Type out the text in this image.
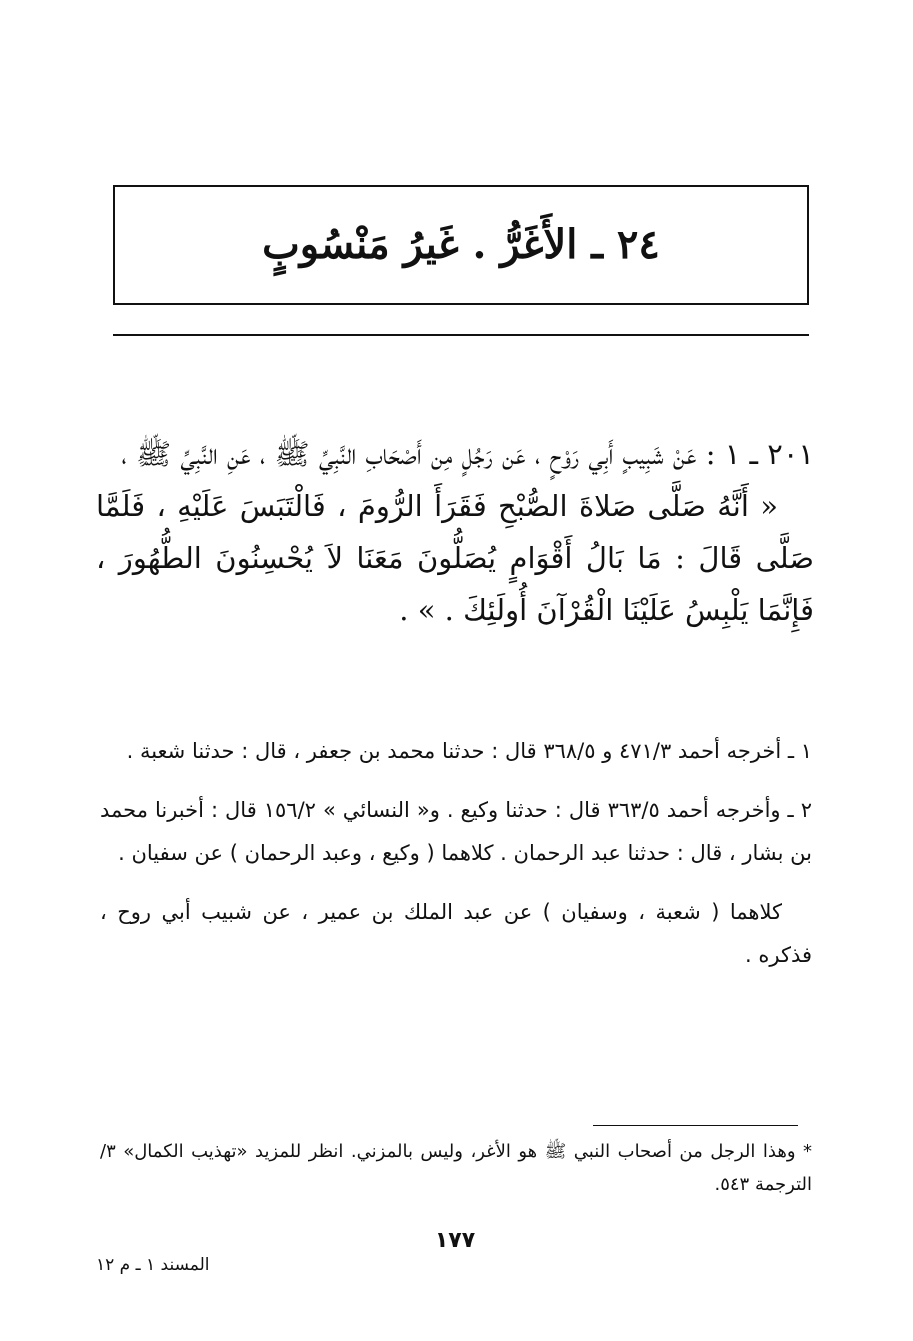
٢٤ ـ الأَغَرُّ . غَيرُ مَنْسُوبٍ

٢٠١ ـ ١ : عَنْ شَبِيبٍ أَبِي رَوْحٍ ، عَن رَجُلٍ مِن أَصْحَابِ النَّبِيِّ ﷺ ، عَنِ النَّبِيِّ ﷺ ،

« أَنَّهُ صَلَّى صَلاةَ الصُّبْحِ فَقَرَأَ الرُّومَ ، فَالْتَبَسَ عَلَيْهِ ، فَلَمَّا صَلَّى قَالَ : مَا بَالُ أَقْوَامٍ يُصَلُّونَ مَعَنَا لاَ يُحْسِنُونَ الطُّهُورَ ، فَإِنَّمَا يَلْبِسُ عَلَيْنَا الْقُرْآنَ أُولَئِكَ . » .

١ ـ أخرجه أحمد ٤٧١/٣ و ٣٦٨/٥ قال : حدثنا محمد بن جعفر ، قال : حدثنا شعبة .

٢ ـ وأخرجه أحمد ٣٦٣/٥ قال : حدثنا وكيع . و« النسائي » ١٥٦/٢ قال : أخبرنا محمد بن بشار ، قال : حدثنا عبد الرحمان . كلاهما ( وكيع ، وعبد الرحمان ) عن سفيان .

كلاهما ( شعبة ، وسفيان ) عن عبد الملك بن عمير ، عن شبيب أبي روح ، فذكره .

* وهذا الرجل من أصحاب النبي ﷺ هو الأغر، وليس بالمزني. انظر للمزيد «تهذيب الكمال» ٣/الترجمة ٥٤٣.
١٧٧
المسند ١ ـ م ١٢
